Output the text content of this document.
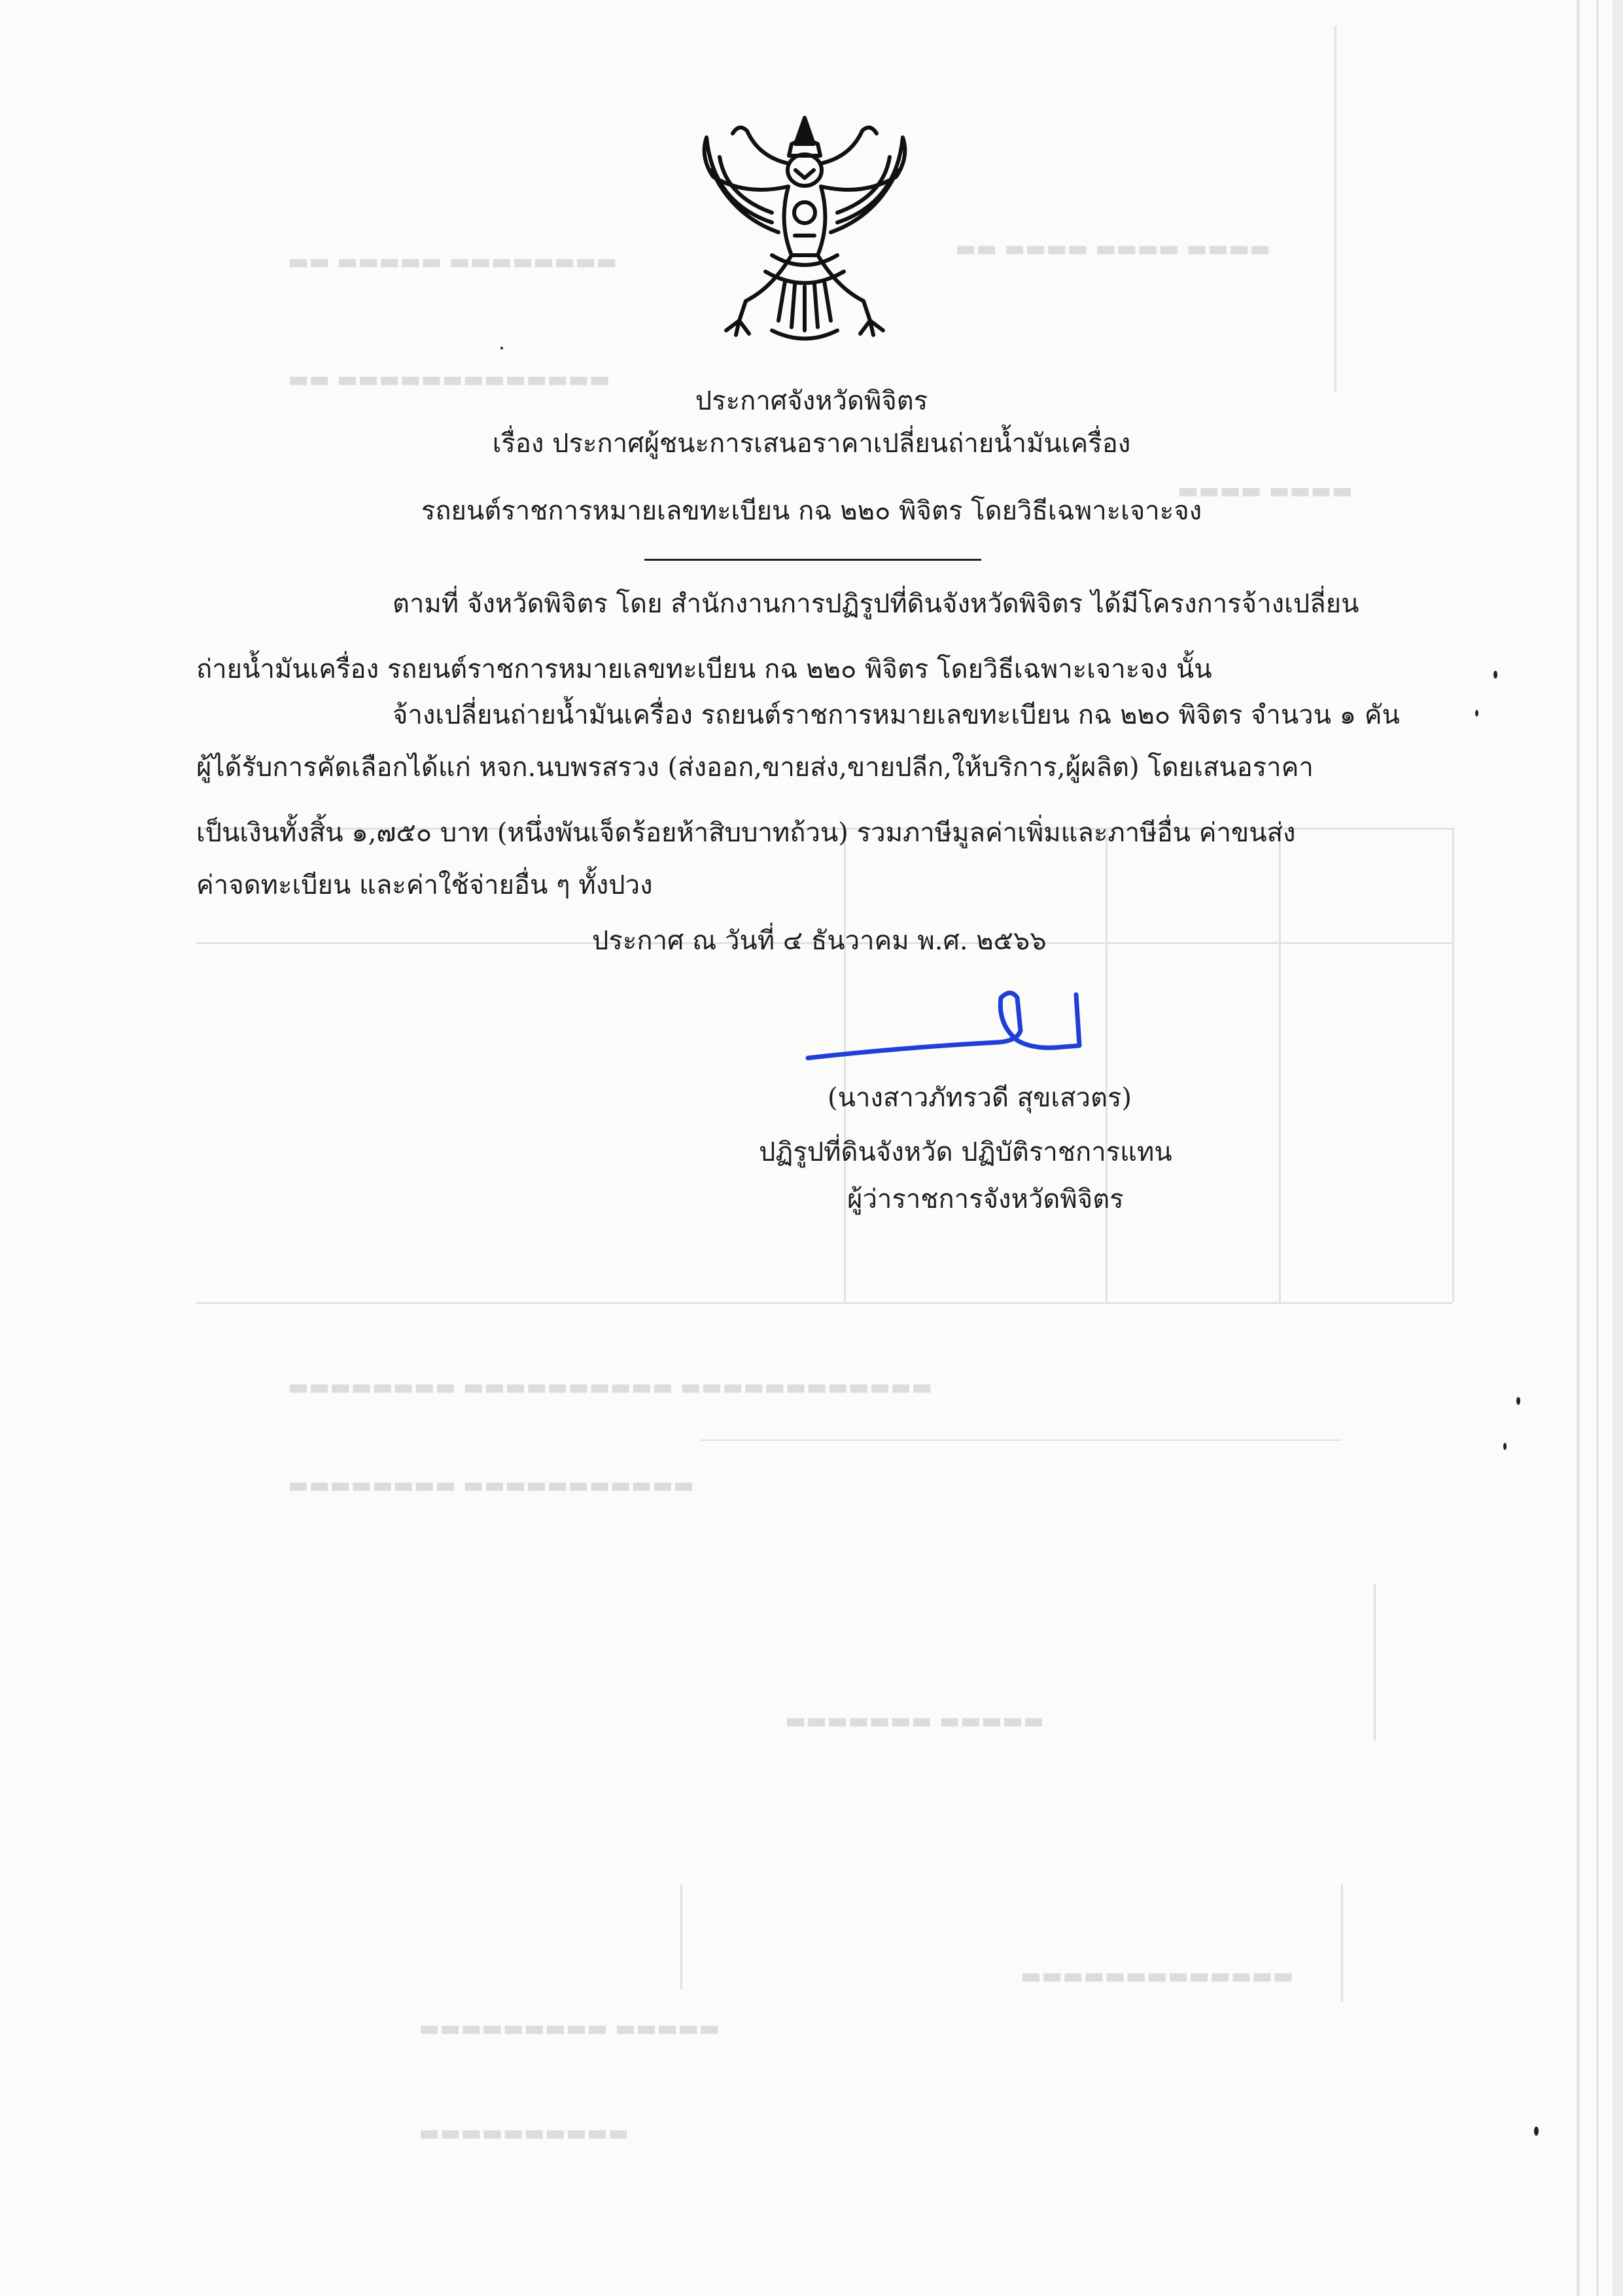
▬▬ ▬▬▬▬▬ ▬▬▬▬▬▬▬▬	▬▬ ▬▬▬▬ ▬▬▬▬ ▬▬▬▬
▬▬ ▬▬▬▬▬▬▬▬▬▬▬▬▬
▬▬▬▬ ▬▬▬▬
▬▬▬▬▬▬▬▬ ▬▬▬▬▬▬▬▬▬▬ ▬▬▬▬▬▬▬▬▬▬▬▬
▬▬▬▬▬▬▬▬ ▬▬▬▬▬▬▬▬▬▬▬
▬▬▬▬▬▬▬ ▬▬▬▬▬
▬▬▬▬▬▬▬▬▬▬▬▬▬
▬▬▬▬▬▬▬▬▬ ▬▬▬▬▬
▬▬▬▬▬▬▬▬▬▬
ประกาศจังหวัดพิจิตร
เรื่อง ประกาศผู้ชนะการเสนอราคาเปลี่ยนถ่ายน้ำมันเครื่อง
รถยนต์ราชการหมายเลขทะเบียน กฉ ๒๒๐ พิจิตร โดยวิธีเฉพาะเจาะจง
ตามที่ จังหวัดพิจิตร โดย สำนักงานการปฏิรูปที่ดินจังหวัดพิจิตร ได้มีโครงการจ้างเปลี่ยน
ถ่ายน้ำมันเครื่อง รถยนต์ราชการหมายเลขทะเบียน กฉ ๒๒๐ พิจิตร โดยวิธีเฉพาะเจาะจง นั้น
จ้างเปลี่ยนถ่ายน้ำมันเครื่อง รถยนต์ราชการหมายเลขทะเบียน กฉ ๒๒๐ พิจิตร จำนวน ๑ คัน
ผู้ได้รับการคัดเลือกได้แก่ หจก.นบพรสรวง (ส่งออก,ขายส่ง,ขายปลีก,ให้บริการ,ผู้ผลิต) โดยเสนอราคา
เป็นเงินทั้งสิ้น ๑,๗๕๐ บาท (หนึ่งพันเจ็ดร้อยห้าสิบบาทถ้วน) รวมภาษีมูลค่าเพิ่มและภาษีอื่น ค่าขนส่ง
ค่าจดทะเบียน และค่าใช้จ่ายอื่น ๆ ทั้งปวง
ประกาศ ณ วันที่ ๔ ธันวาคม พ.ศ. ๒๕๖๖
(นางสาวภัทรวดี สุขเสวตร)
ปฏิรูปที่ดินจังหวัด ปฏิบัติราชการแทน
ผู้ว่าราชการจังหวัดพิจิตร
